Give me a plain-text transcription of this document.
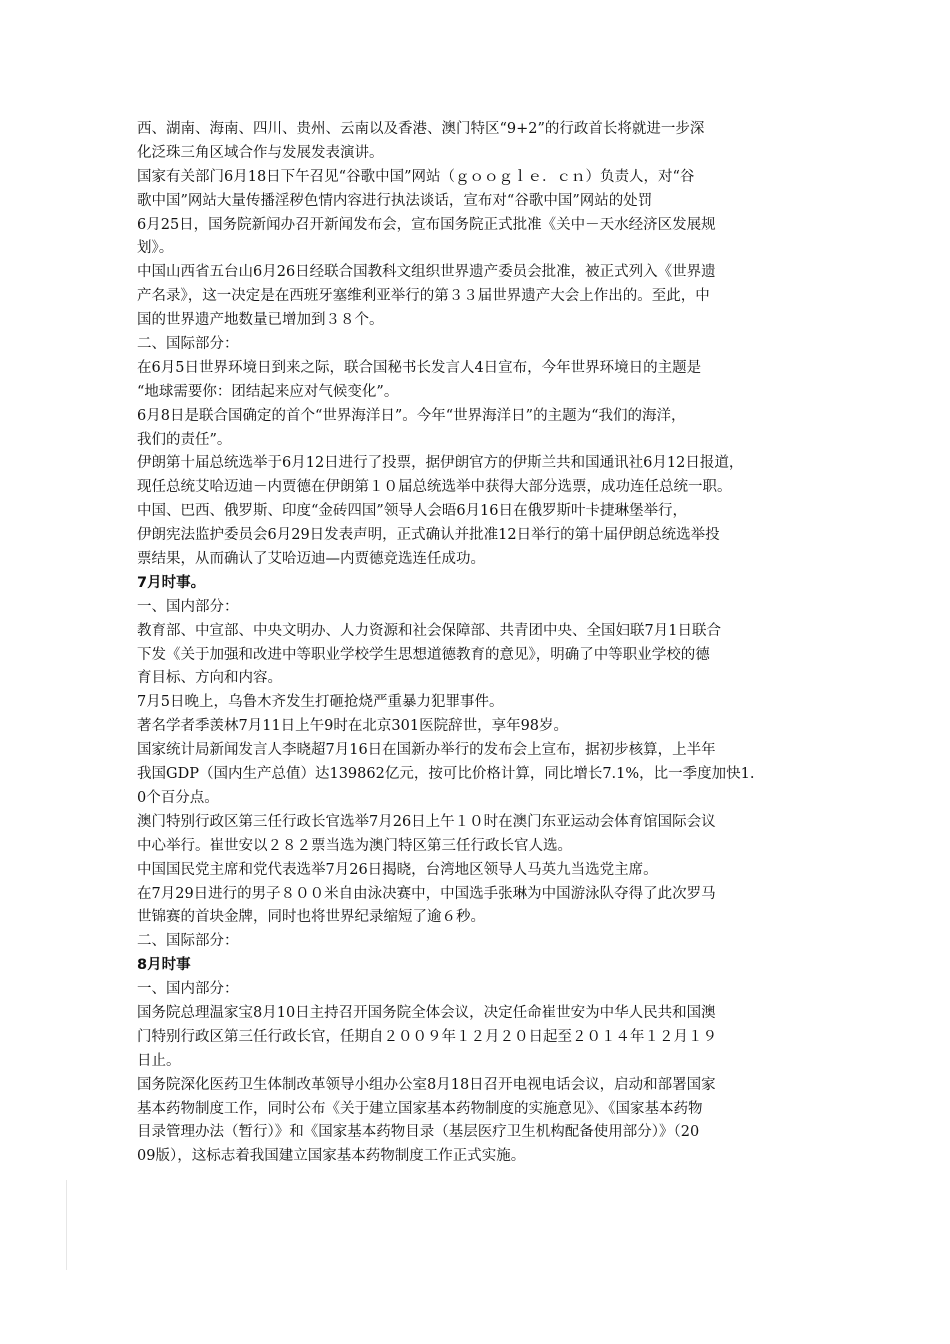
西、湖南、海南、四川、贵州、云南以及香港、澳门特区“9+2”的行政首长将就进一步深
化泛珠三角区域合作与发展发表演讲。
国家有关部门6月18日下午召见“谷歌中国”网站（ｇｏｏｇｌｅ．ｃｎ）负责人，对“谷
歌中国”网站大量传播淫秽色情内容进行执法谈话，宣布对“谷歌中国”网站的处罚
6月25日，国务院新闻办召开新闻发布会，宣布国务院正式批准《关中－天水经济区发展规
划》。
中国山西省五台山6月26日经联合国教科文组织世界遗产委员会批准，被正式列入《世界遗
产名录》，这一决定是在西班牙塞维利亚举行的第３３届世界遗产大会上作出的。至此，中
国的世界遗产地数量已增加到３８个。
二、国际部分：
在6月5日世界环境日到来之际，联合国秘书长发言人4日宣布，今年世界环境日的主题是
“地球需要你：团结起来应对气候变化”。
6月8日是联合国确定的首个“世界海洋日”。今年“世界海洋日”的主题为“我们的海洋，
我们的责任”。
伊朗第十届总统选举于6月12日进行了投票，据伊朗官方的伊斯兰共和国通讯社6月12日报道，
现任总统艾哈迈迪－内贾德在伊朗第１０届总统选举中获得大部分选票，成功连任总统一职。
中国、巴西、俄罗斯、印度“金砖四国”领导人会晤6月16日在俄罗斯叶卡捷琳堡举行，
伊朗宪法监护委员会6月29日发表声明，正式确认并批准12日举行的第十届伊朗总统选举投
票结果，从而确认了艾哈迈迪—内贾德竞选连任成功。
7月时事。
一、国内部分：
教育部、中宣部、中央文明办、人力资源和社会保障部、共青团中央、全国妇联7月1日联合
下发《关于加强和改进中等职业学校学生思想道德教育的意见》，明确了中等职业学校的德
育目标、方向和内容。
7月5日晚上，乌鲁木齐发生打砸抢烧严重暴力犯罪事件。
著名学者季羡林7月11日上午9时在北京301医院辞世，享年98岁。
国家统计局新闻发言人李晓超7月16日在国新办举行的发布会上宣布，据初步核算，上半年
我国GDP（国内生产总值）达139862亿元，按可比价格计算，同比增长7.1%，比一季度加快1.
0个百分点。
澳门特别行政区第三任行政长官选举7月26日上午１０时在澳门东亚运动会体育馆国际会议
中心举行。崔世安以２８２票当选为澳门特区第三任行政长官人选。
中国国民党主席和党代表选举7月26日揭晓，台湾地区领导人马英九当选党主席。
在7月29日进行的男子８００米自由泳决赛中，中国选手张琳为中国游泳队夺得了此次罗马
世锦赛的首块金牌，同时也将世界纪录缩短了逾６秒。
二、国际部分：
8月时事
一、国内部分：
国务院总理温家宝8月10日主持召开国务院全体会议，决定任命崔世安为中华人民共和国澳
门特别行政区第三任行政长官，任期自２００９年１２月２０日起至２０１４年１２月１９
日止。
国务院深化医药卫生体制改革领导小组办公室8月18日召开电视电话会议，启动和部署国家
基本药物制度工作，同时公布《关于建立国家基本药物制度的实施意见》、《国家基本药物
目录管理办法（暂行）》和《国家基本药物目录（基层医疗卫生机构配备使用部分）》（20
09版），这标志着我国建立国家基本药物制度工作正式实施。
